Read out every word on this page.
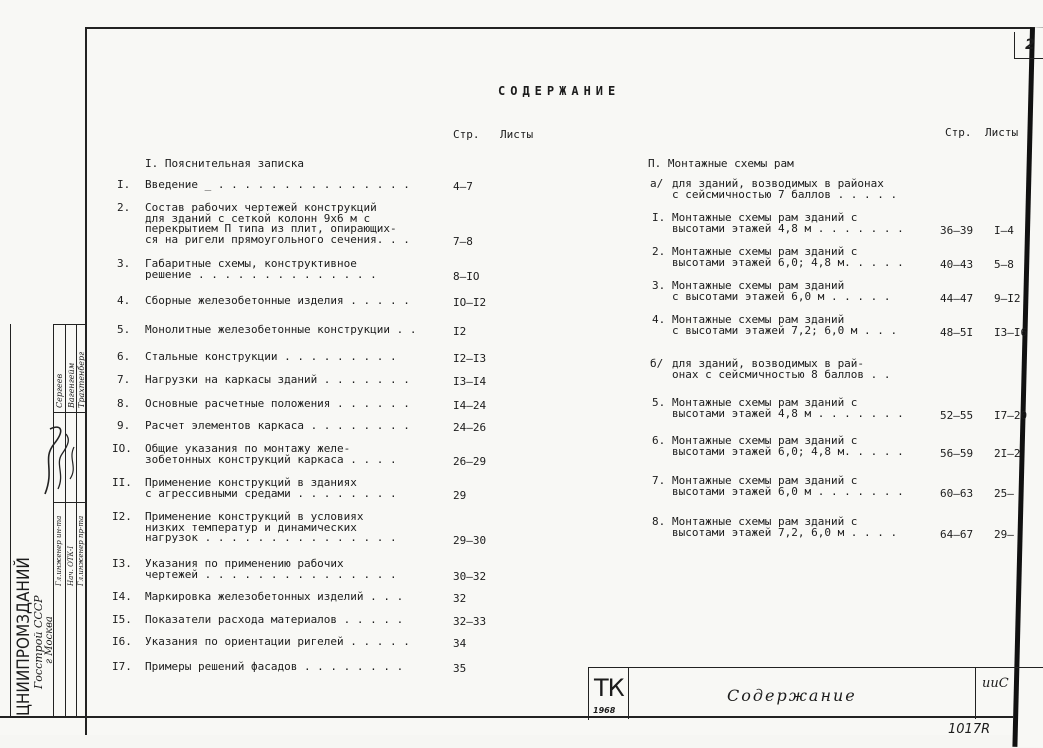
2
СОДЕРЖАНИЕ
Стр. Листы	Стр. Листы
I. Пояснительная записка
I. Введение _ . . . . . . . . . . . . . . .	4–7
2. Состав рабочих чертежей конструкций
для зданий с сеткой колонн 9х6 м с
перекрытием П типа из плит, опирающих-
ся на ригели прямоугольного сечения. . .	7–8
3. Габаритные схемы, конструктивное
решение . . . . . . . . . . . . . .	8–IO
4. Сборные железобетонные изделия . . . . .	IO–I2
5. Монолитные железобетонные конструкции . .	I2
6. Стальные конструкции . . . . . . . . .	I2–I3
7. Нагрузки на каркасы зданий . . . . . . .	I3–I4
8. Основные расчетные положения . . . . . .	I4–24
9. Расчет элементов каркаса . . . . . . . .	24–26
IO. Общие указания по монтажу желе-
зобетонных конструкций каркаса . . . .	26–29
II. Применение конструкций в зданиях
с агрессивными средами . . . . . . . .	29
I2. Применение конструкций в условиях
низких температур и динамических
нагрузок . . . . . . . . . . . . . . .	29–30
I3. Указания по применению рабочих
чертежей . . . . . . . . . . . . . . .	30–32
I4. Маркировка железобетонных изделий . . .	32
I5. Показатели расхода материалов . . . . .	32–33
I6. Указания по ориентации ригелей . . . . .	34
I7. Примеры решений фасадов . . . . . . . .	35
П. Монтажные схемы рам
а/ для зданий, возводимых в районах
с сейсмичностью 7 баллов . . . . .
I. Монтажные схемы рам зданий с
высотами этажей 4,8 м . . . . . . .	36–39 I–4
2. Монтажные схемы рам зданий с
высотами этажей 6,0; 4,8 м. . . . .	40–43 5–8
3. Монтажные схемы рам зданий
с высотами этажей 6,0 м . . . . .	44–47 9–I2
4. Монтажные схемы рам зданий
с высотами этажей 7,2; 6,0 м . . .	48–5I I3–I6
б/ для зданий, возводимых в рай-
онах с сейсмичностью 8 баллов . .
5. Монтажные схемы рам зданий с
высотами этажей 4,8 м . . . . . . .	52–55 I7–20
6. Монтажные схемы рам зданий с
высотами этажей 6,0; 4,8 м. . . . .	56–59 2I–2
7. Монтажные схемы рам зданий с
высотами этажей 6,0 м . . . . . . .	60–63 25–
8. Монтажные схемы рам зданий с
высотами этажей 7,2, 6,0 м . . . .	64–67 29–
ЦНИИПРОМЗДАНИЙ
Госстрой СССР г Москва
Гл.инженер ин-та Нач. ОТК-I Гл.инженер пр-та
Сергеев Вагенгейм Трахтенберг
ТК
1968
Содержание
ииС
1017R
